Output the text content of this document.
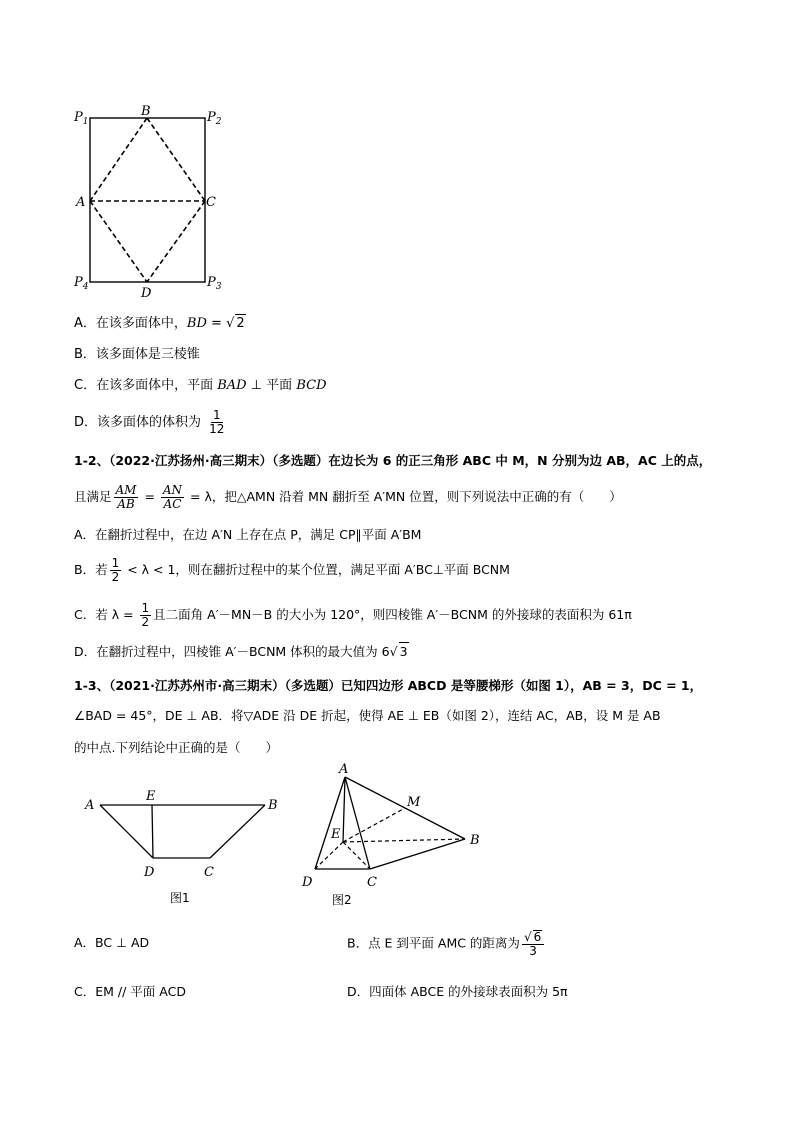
$P_1$
B	$P_2$
A	C
$P_4$	D
$P_3$
A．在该多面体中，BD = √ 2
B．该多面体是三棱锥
C．在该多面体中，平面 BAD ⊥ 平面 BCD
D．该多面体的体积为 $\frac{1}{12}$
1-2、（2022·江苏扬州·高三期末）（多选题）在边长为 6 的正三角形 ABC 中 M，N 分别为边 AB，AC 上的点，
且满足 $\frac{AM}{AB} = \frac{AN}{AC} = \lambda$，把△AMN 沿着 MN 翻折至 A′MN 位置，则下列说法中正确的有（　　）
A．在翻折过程中，在边 A′N 上存在点 P，满足 CP∥平面 A′BM
B．若 $\frac{1}{2} < \lambda < 1$，则在翻折过程中的某个位置，满足平面 A′BC⊥平面 BCNM
C．若 $\lambda = \frac{1}{2}$ 且二面角 A′－MN－B 的大小为 120°，则四棱锥 A′－BCNM 的外接球的表面积为 61π
D．在翻折过程中，四棱锥 A′－BCNM 体积的最大值为 6√ 3
1-3、（2021·江苏苏州市·高三期末）（多选题）已知四边形 ABCD 是等腰梯形（如图 1），AB = 3，DC = 1，
∠BAD = 45°，DE ⊥ AB．将▽ADE 沿 DE 折起，使得 AE ⊥ EB（如图 2），连结 AC，AB，设 M 是 AB
的中点.下列结论中正确的是（　　）
A
E
B
D	C
图1
A
M
E	B
D	C
图2
A．BC ⊥ AD	B．点 E 到平面 AMC 的距离为 $\frac{√ 6}{3}$
C．EM // 平面 ACD	D．四面体 ABCE 的外接球表面积为 5π
